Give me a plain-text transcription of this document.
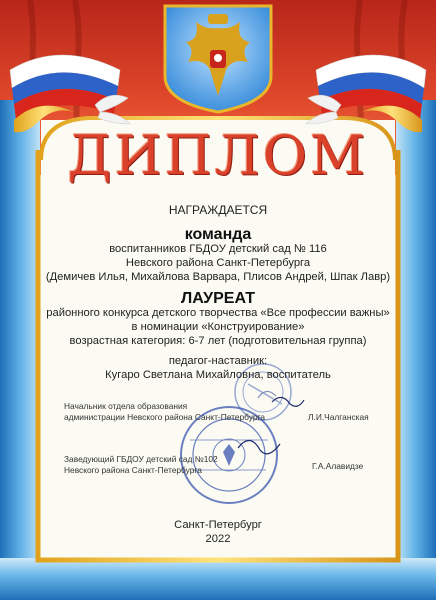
ДИПЛОМ
НАГРАЖДАЕТСЯ
команда
воспитанников ГБДОУ детский сад № 116
Невского района Санкт-Петербурга
(Демичев Илья, Михайлова Варвара, Плисов Андрей, Шпак Лавр)
ЛАУРЕАТ
районного конкурса детского творчества «Все профессии важны»
в номинации «Конструирование»
возрастная категория: 6-7 лет (подготовительная группа)
педагог-наставник:
Кугаро Светлана Михайловна, воспитатель
Начальник отдела образования
администрации Невского района Санкт-Петербурга	Л.И.Чалганская
Заведующий ГБДОУ детский сад №102
Невского района Санкт-Петербурга	Г.А.Алавидзе
Санкт-Петербург
2022
